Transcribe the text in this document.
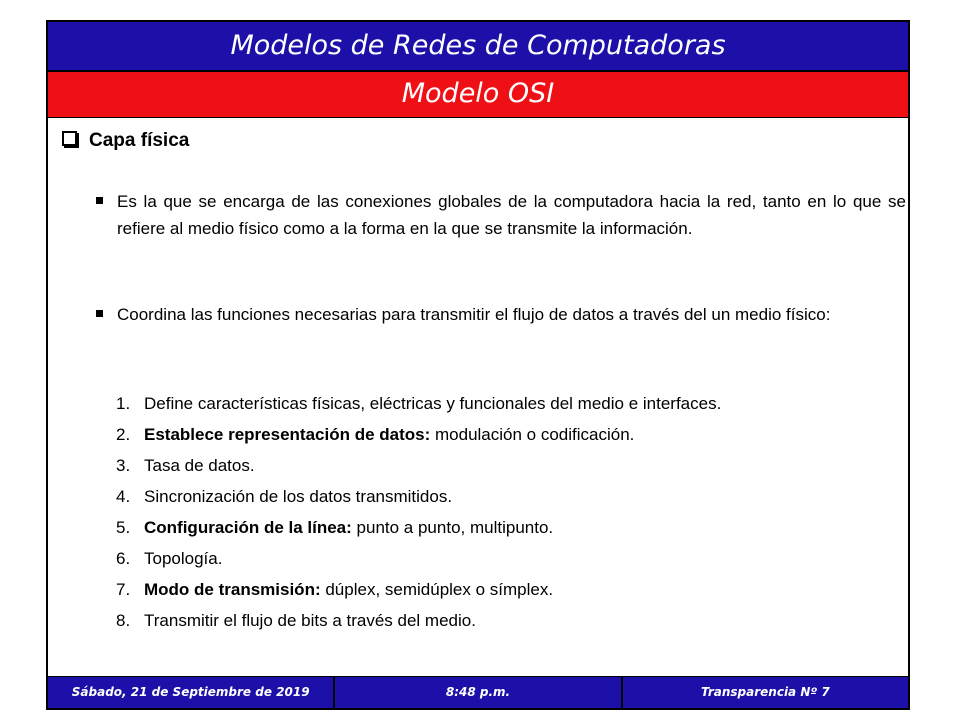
Modelos de Redes de Computadoras
Modelo OSI
Capa física
Es la que se encarga de las conexiones globales de la computadora hacia la red, tanto en lo que se refiere al medio físico como a la forma en la que se transmite la información.
Coordina las funciones necesarias para transmitir el flujo de datos a través del un medio físico:
1. Define características físicas, eléctricas y funcionales del medio e interfaces.
2. Establece representación de datos: modulación o codificación.
3. Tasa de datos.
4. Sincronización de los datos transmitidos.
5. Configuración de la línea: punto a punto, multipunto.
6. Topología.
7. Modo de transmisión: dúplex, semidúplex o símplex.
8. Transmitir el flujo de bits a través del medio.
Sábado, 21 de Septiembre de 2019	8:48 p.m.	Transparencia Nº 7
